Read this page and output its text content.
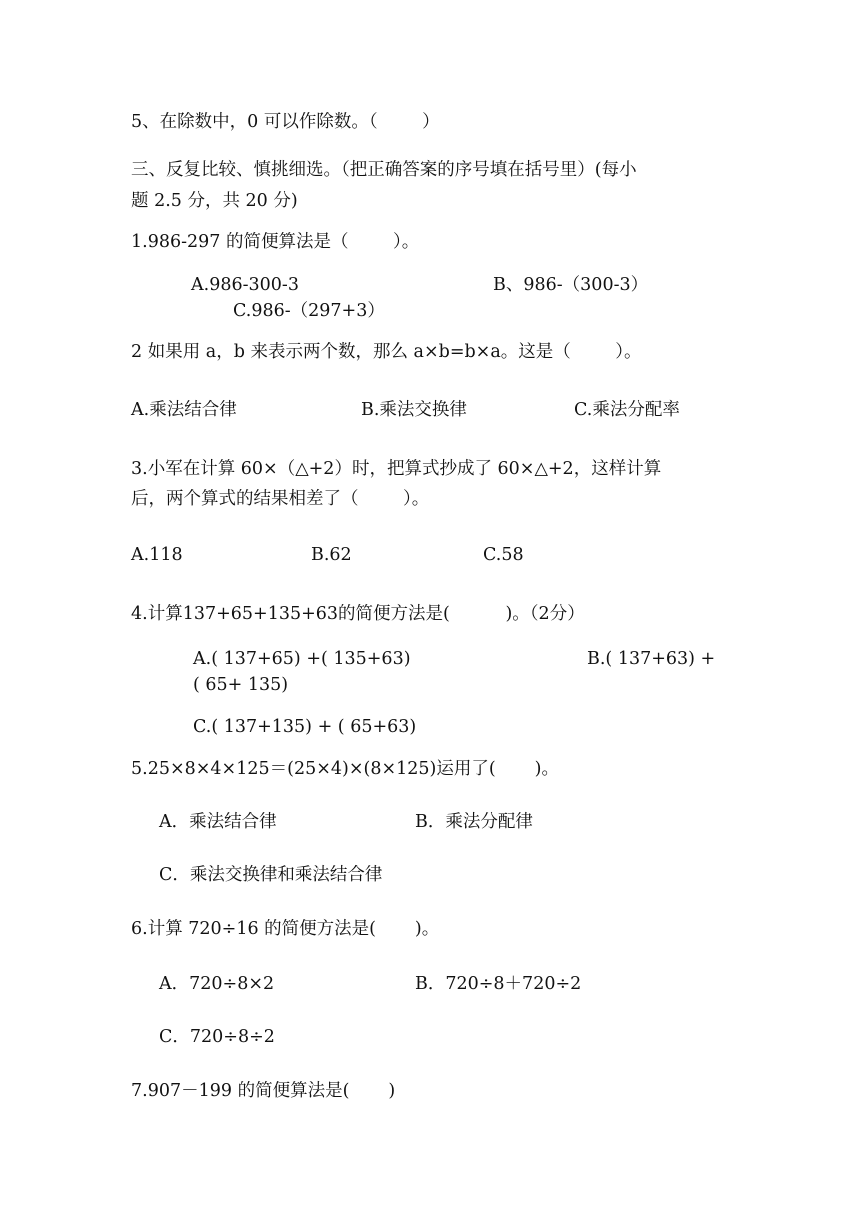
5、在除数中，0 可以作除数。（        ）
三、反复比较、慎挑细选。（把正确答案的序号填在括号里）(每小
题 2.5 分，共 20 分)
1.986-297 的简便算法是（        ）。
A.986-300-3	B、986-（300-3）
C.986-（297+3）
2 如果用 a，b 来表示两个数，那么 a×b=b×a。这是（        ）。
A.乘法结合律	B.乘法交换律	C.乘法分配率
3.小军在计算 60×（△+2）时，把算式抄成了 60×△+2，这样计算
后，两个算式的结果相差了（        ）。
A.118	B.62	C.58
4.计算137+65+135+63的简便方法是(          )。（2分）
A.( 137+65) +( 135+63)	B.( 137+63) +
( 65+ 135)
C.( 137+135) + ( 65+63)
5.25×8×4×125＝(25×4)×(8×125)运用了(       )。
A．乘法结合律	B．乘法分配律
C．乘法交换律和乘法结合律
6.计算 720÷16 的简便方法是(       )。
A．720÷8×2	B．720÷8＋720÷2
C．720÷8÷2
7.907－199 的简便算法是(       )
